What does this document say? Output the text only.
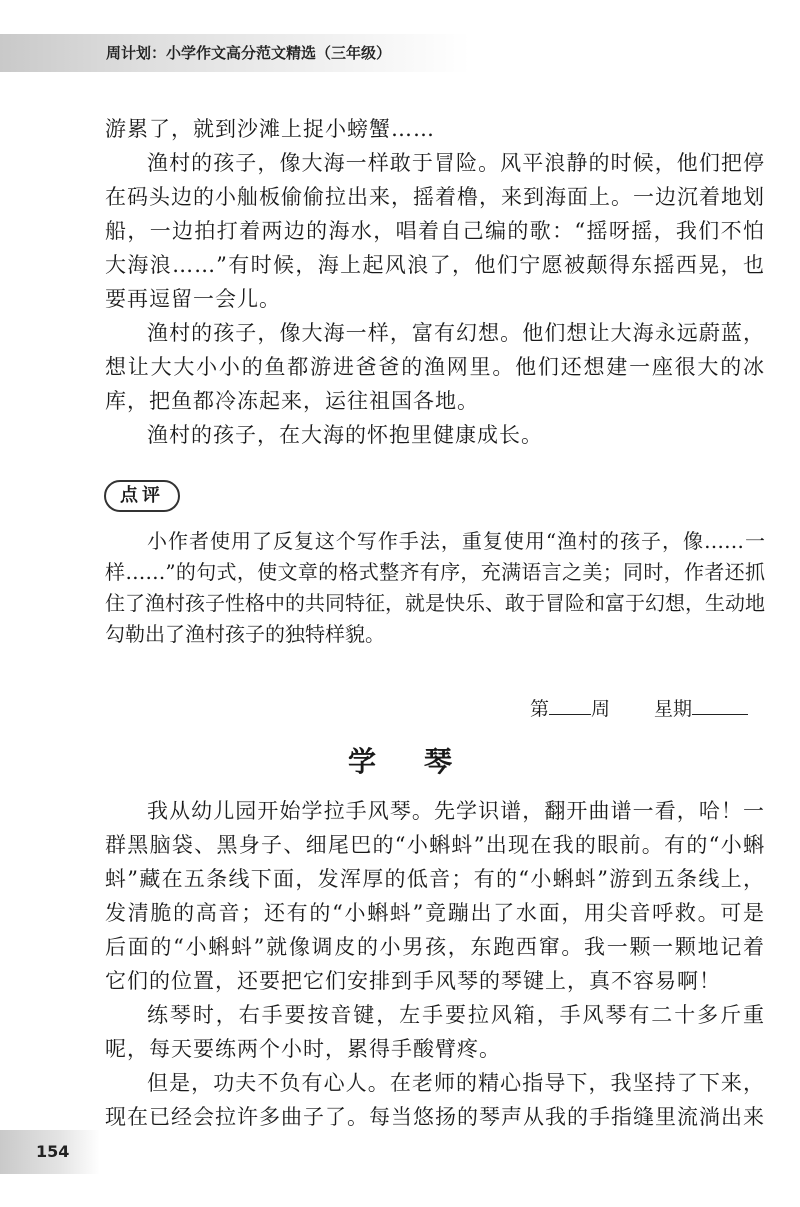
周计划：小学作文高分范文精选（三年级）

游累了，就到沙滩上捉小螃蟹……

渔村的孩子，像大海一样敢于冒险。风平浪静的时候，他们把停在码头边的小舢板偷偷拉出来，摇着橹，来到海面上。一边沉着地划船，一边拍打着两边的海水，唱着自己编的歌：“摇呀摇，我们不怕大海浪……”有时候，海上起风浪了，他们宁愿被颠得东摇西晃，也要再逗留一会儿。

渔村的孩子，像大海一样，富有幻想。他们想让大海永远蔚蓝，想让大大小小的鱼都游进爸爸的渔网里。他们还想建一座很大的冰库，把鱼都冷冻起来，运往祖国各地。

渔村的孩子，在大海的怀抱里健康成长。

点评

小作者使用了反复这个写作手法，重复使用“渔村的孩子，像……一样……”的句式，使文章的格式整齐有序，充满语言之美；同时，作者还抓住了渔村孩子性格中的共同特征，就是快乐、敢于冒险和富于幻想，生动地勾勒出了渔村孩子的独特样貌。

第 周 星期
学琴

我从幼儿园开始学拉手风琴。先学识谱，翻开曲谱一看，哈！一群黑脑袋、黑身子、细尾巴的“小蝌蚪”出现在我的眼前。有的“小蝌蚪”藏在五条线下面，发浑厚的低音；有的“小蝌蚪”游到五条线上，发清脆的高音；还有的“小蝌蚪”竟蹦出了水面，用尖音呼救。可是后面的“小蝌蚪”就像调皮的小男孩，东跑西窜。我一颗一颗地记着它们的位置，还要把它们安排到手风琴的琴键上，真不容易啊！

练琴时，右手要按音键，左手要拉风箱，手风琴有二十多斤重呢，每天要练两个小时，累得手酸臂疼。

但是，功夫不负有心人。在老师的精心指导下，我坚持了下来，现在已经会拉许多曲子了。每当悠扬的琴声从我的手指缝里流淌出来

154
